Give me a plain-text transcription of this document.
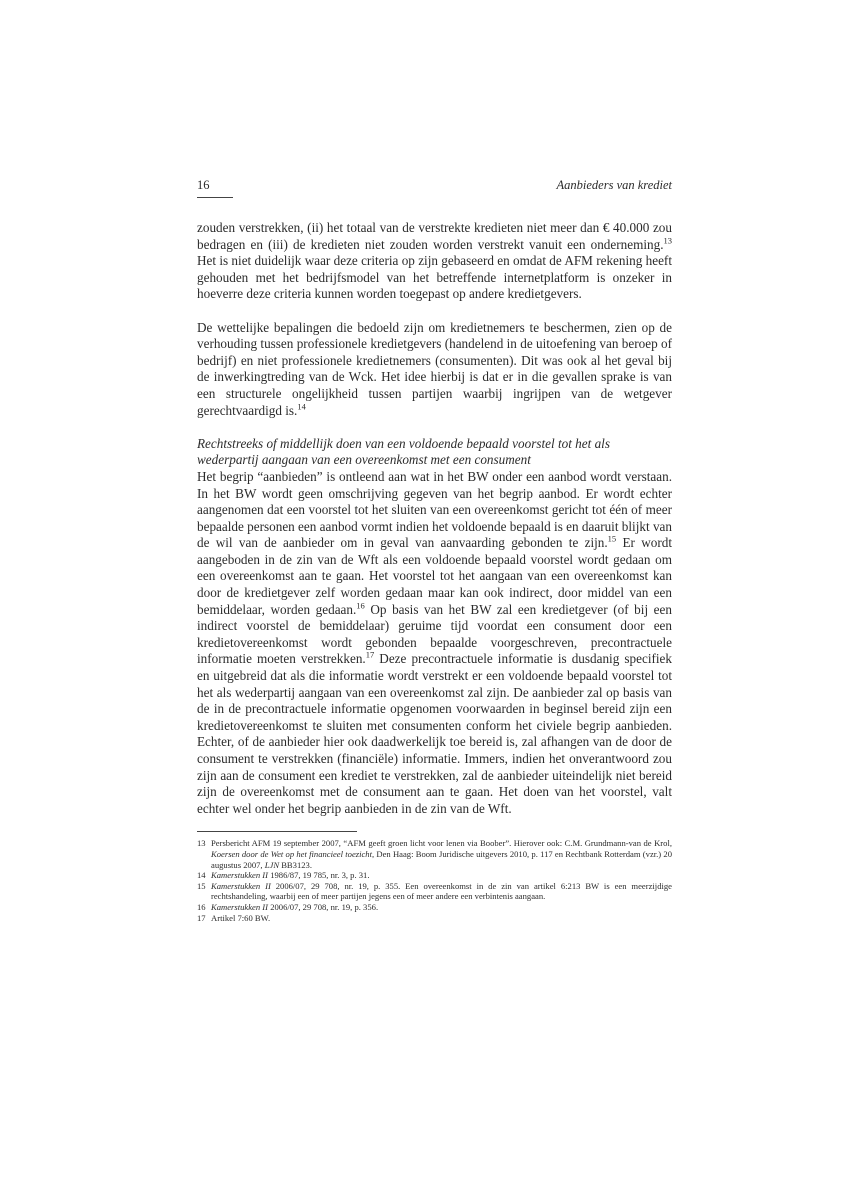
16	Aanbieders van krediet

zouden verstrekken, (ii) het totaal van de verstrekte kredieten niet meer dan € 40.000 zou bedragen en (iii) de kredieten niet zouden worden verstrekt vanuit een onderneming.$^{13}$ Het is niet duidelijk waar deze criteria op zijn gebaseerd en omdat de AFM rekening heeft gehouden met het bedrijfsmodel van het betreffende internetplatform is onzeker in hoeverre deze criteria kunnen worden toegepast op andere kredietgevers.

De wettelijke bepalingen die bedoeld zijn om kredietnemers te beschermen, zien op de verhouding tussen professionele kredietgevers (handelend in de uitoefening van beroep of bedrijf) en niet professionele kredietnemers (consumenten). Dit was ook al het geval bij de inwerkingtreding van de Wck. Het idee hierbij is dat er in die gevallen sprake is van een structurele ongelijkheid tussen partijen waarbij ingrijpen van de wetgever gerechtvaardigd is.$^{14}$

Rechtstreeks of middellijk doen van een voldoende bepaald voorstel tot het als wederpartij aangaan van een overeenkomst met een consument

Het begrip “aanbieden” is ontleend aan wat in het BW onder een aanbod wordt verstaan. In het BW wordt geen omschrijving gegeven van het begrip aanbod. Er wordt echter aangenomen dat een voorstel tot het sluiten van een overeenkomst gericht tot één of meer bepaalde personen een aanbod vormt indien het voldoende bepaald is en daaruit blijkt van de wil van de aanbieder om in geval van aanvaarding gebonden te zijn.$^{15}$ Er wordt aangeboden in de zin van de Wft als een voldoende bepaald voorstel wordt gedaan om een overeenkomst aan te gaan. Het voorstel tot het aangaan van een overeenkomst kan door de kredietgever zelf worden gedaan maar kan ook indirect, door middel van een bemiddelaar, worden gedaan.$^{16}$ Op basis van het BW zal een kredietgever (of bij een indirect voorstel de bemiddelaar) geruime tijd voordat een consument door een kredietovereenkomst wordt gebonden bepaalde voorgeschreven, precontractuele informatie moeten verstrekken.$^{17}$ Deze precontractuele informatie is dusdanig specifiek en uitgebreid dat als die informatie wordt verstrekt er een voldoende bepaald voorstel tot het als wederpartij aangaan van een overeenkomst zal zijn. De aanbieder zal op basis van de in de precontractuele informatie opgenomen voorwaarden in beginsel bereid zijn een kredietovereenkomst te sluiten met consumenten conform het civiele begrip aanbieden. Echter, of de aanbieder hier ook daadwerkelijk toe bereid is, zal afhangen van de door de consument te verstrekken (financiële) informatie. Immers, indien het onverantwoord zou zijn aan de consument een krediet te verstrekken, zal de aanbieder uiteindelijk niet bereid zijn de overeenkomst met de consument aan te gaan. Het doen van het voorstel, valt echter wel onder het begrip aanbieden in de zin van de Wft.

13 Persbericht AFM 19 september 2007, “AFM geeft groen licht voor lenen via Boober”. Hierover ook: C.M. Grundmann-van de Krol, Koersen door de Wet op het financieel toezicht, Den Haag: Boom Juridische uitgevers 2010, p. 117 en Rechtbank Rotterdam (vzr.) 20 augustus 2007, LJN BB3123.
14 Kamerstukken II 1986/87, 19 785, nr. 3, p. 31.
15 Kamerstukken II 2006/07, 29 708, nr. 19, p. 355. Een overeenkomst in de zin van artikel 6:213 BW is een meerzijdige rechtshandeling, waarbij een of meer partijen jegens een of meer andere een verbintenis aangaan.
16 Kamerstukken II 2006/07, 29 708, nr. 19, p. 356.
17 Artikel 7:60 BW.
